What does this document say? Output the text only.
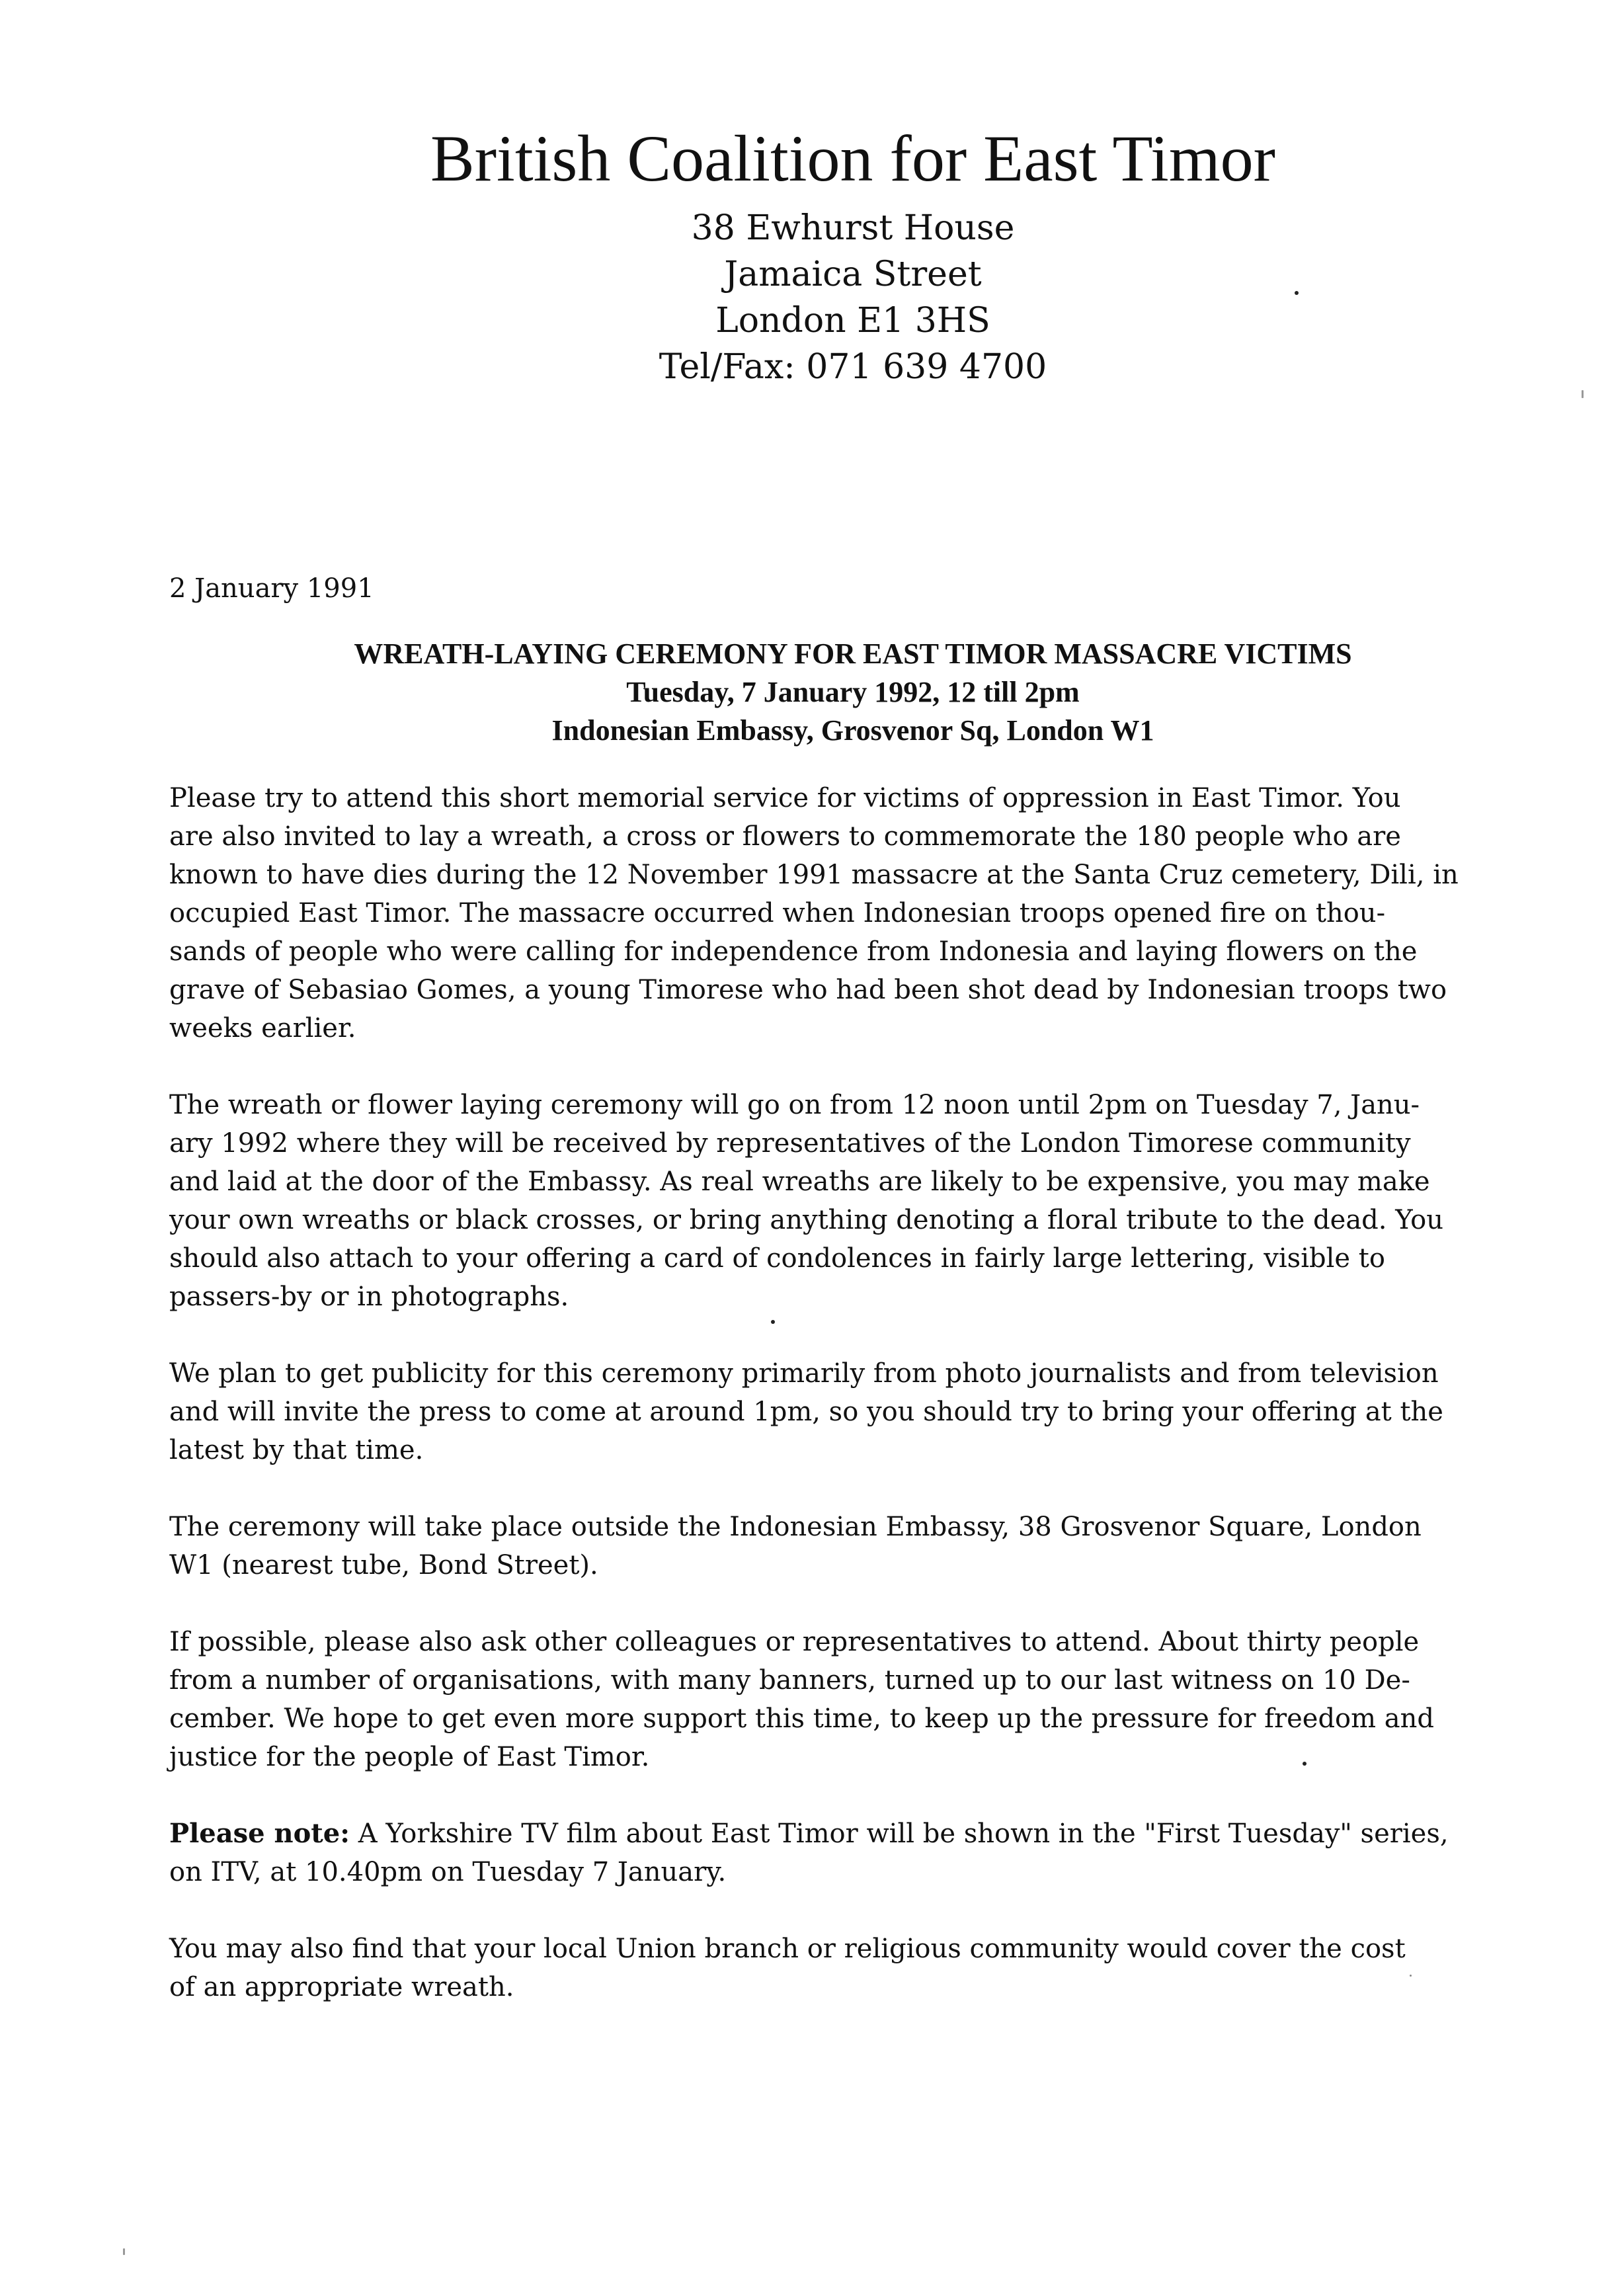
British Coalition for East Timor
38 Ewhurst House
Jamaica Street
London E1 3HS
Tel/Fax: 071 639 4700
2 January 1991
WREATH-LAYING CEREMONY FOR EAST TIMOR MASSACRE VICTIMS
Tuesday, 7 January 1992, 12 till 2pm
Indonesian Embassy, Grosvenor Sq, London W1
Please try to attend this short memorial service for victims of oppression in East Timor. You
are also invited to lay a wreath, a cross or flowers to commemorate the 180 people who are
known to have dies during the 12 November 1991 massacre at the Santa Cruz cemetery, Dili, in
occupied East Timor. The massacre occurred when Indonesian troops opened fire on thou-
sands of people who were calling for independence from Indonesia and laying flowers on the
grave of Sebasiao Gomes, a young Timorese who had been shot dead by Indonesian troops two
weeks earlier.
The wreath or flower laying ceremony will go on from 12 noon until 2pm on Tuesday 7, Janu-
ary 1992 where they will be received by representatives of the London Timorese community
and laid at the door of the Embassy. As real wreaths are likely to be expensive, you may make
your own wreaths or black crosses, or bring anything denoting a floral tribute to the dead. You
should also attach to your offering a card of condolences in fairly large lettering, visible to
passers-by or in photographs.
We plan to get publicity for this ceremony primarily from photo journalists and from television
and will invite the press to come at around 1pm, so you should try to bring your offering at the
latest by that time.
The ceremony will take place outside the Indonesian Embassy, 38 Grosvenor Square, London
W1 (nearest tube, Bond Street).
If possible, please also ask other colleagues or representatives to attend. About thirty people
from a number of organisations, with many banners, turned up to our last witness on 10 De-
cember. We hope to get even more support this time, to keep up the pressure for freedom and
justice for the people of East Timor.
Please note: A Yorkshire TV film about East Timor will be shown in the "First Tuesday" series,
on ITV, at 10.40pm on Tuesday 7 January.
You may also find that your local Union branch or religious community would cover the cost
of an appropriate wreath.
